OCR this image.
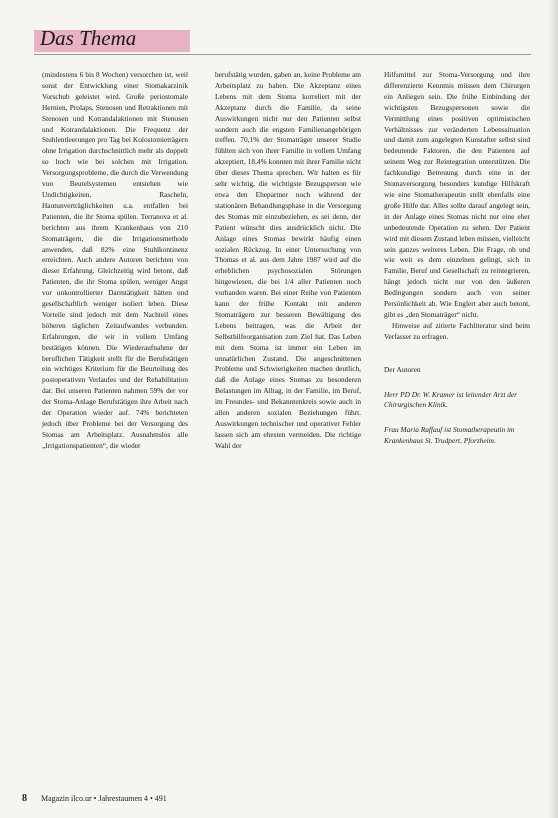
Das Thema

(mindestens 6 bis 8 Wochen) versorchen ist, weil sonst der Entwicklung einer Stomakarzinik Vorschub geleistet wird. Große periostomale Hernien, Prolaps, Stenosen und Retraktionen mit Stenosen und Kotrandalaktionen mit Stenosen und Kotrandalaktionen. Die Frequenz der Stuhlentleerungen pro Tag bei Kolostomieträgern ohne Irrigation durchschnittlich mehr als doppelt so hoch wie bei solchen mit Irrigation. Versorgungsprobleme, die durch die Verwendung von Beutelsystemen entstehen wie Undichtigkeiten, Rascheln, Hautunverträglichkeiten u.a. entfallen bei Patienten, die ihr Stoma spülen. Terranova et al. berichten aus ihrem Krankenhaus von 210 Stomaträgern, die die Irrigationsmethode anwenden, daß 82% eine Stuhlkontinenz erreichten. Auch andere Autoren berichten von dieser Erfahrung. Gleichzeitig wird betont, daß Patienten, die ihr Stoma spülen, weniger Angst vor unkontrollierter Darmtätigkeit hätten und gesellschaftlich weniger isoliert leben. Diese Vorteile sind jedoch mit dem Nachteil eines höheren täglichen Zeitaufwandes verbunden. Erfahrungen, die wir in vollem Umfang bestätigen können. Die Wiederaufnahme der beruflichen Tätigkeit stellt für die Berufstätigen ein wichtiges Kriterium für die Beurteilung des postoperativen Verlaufes und der Rehabilitation dar. Bei unseren Patienten nahmen 59% der vor der Stoma-Anlage Berufstätigen ihre Arbeit nach der Operation wieder auf. 74% berichteten jedoch über Probleme bei der Versorgung des Stomas am Arbeitsplatz. Ausnahmslos alle „Irrigationspatienten“, die wieder

berufstätig wurden, gaben an, keine Probleme am Arbeitsplatz zu haben. Die Akzeptanz eines Lebens mit dem Stoma korreliert mit der Akzeptanz durch die Familie, da seine Auswirkungen nicht nur den Patienten selbst sondern auch die engsten Familienangehörigen treffen. 70,1% der Stomaträger unserer Studie fühlten sich von ihrer Familie in vollem Umfang akzeptiert, 18,4% konnten mit ihrer Familie nicht über dieses Thema sprechen. Wir halten es für sehr wichtig, die wichtigste Bezugsperson wie etwa den Ehepartner noch während der stationären Behandlungsphase in die Versorgung des Stomas mit einzubeziehen, es sei denn, der Patient wünscht dies ausdrücklich nicht. Die Anlage eines Stomas bewirkt häufig einen sozialen Rückzug. In einer Untersuchung von Thomas et al. aus dem Jahre 1987 wird auf die erheblichen psychosozialen Störungen hingewiesen, die bei 1/4 aller Patienten noch vorhanden waren. Bei einer Reihe von Patienten kann der frühe Kontakt mit anderen Stomaträgern zur besseren Bewältigung des Lebens beitragen, was die Arbeit der Selbsthilfeorganisation zum Ziel hat. Das Leben mit dem Stoma ist immer ein Leben im unnatürlichen Zustand. Die angeschnittenen Probleme und Schwierigkeiten machen deutlich, daß die Anlage eines Stomas zu besonderen Belastungen im Alltag, in der Familie, im Beruf, im Freundes- und Bekanntenkreis sowie auch in allen anderen sozialen Beziehungen führt. Auswirkungen technischer und operativer Fehler lassen sich am ehesten vermeiden. Die richtige Wahl der

Hilfsmittel zur Stoma-Versorgung und ihre differenzierte Kenntnis müssen dem Chirurgen ein Anliegen sein. Die frühe Einbindung der wichtigsten Bezugspersonen sowie die Vermittlung eines positiven optimistischen Verhältnisses zur veränderten Lebenssituation und damit zum angelegten Kunstafter selbst sind bedeutende Faktoren, die den Patienten auf seinem Weg zur Reintegration unterstützen. Die fachkundige Betreuung durch eine in der Stomaversorgung besonders kundige Hilfskraft wie eine Stomatherapeutin stellt ebenfalls eine große Hilfe dar. Alles sollte darauf angelegt sein, in der Anlage eines Stomas nicht nur eine eher unbedeutende Operation zu sehen. Der Patient wird mit diesem Zustand leben müssen, vielleicht sein ganzes weiteres Leben. Die Frage, ob und wie weit es dem einzelnen gelingt, sich in Familie, Beruf und Gesellschaft zu reintegrieren, hängt jedoch nicht nur von den äußeren Bedingungen sondern auch von seiner Persönlichkeit ab. Wie Englert aber auch betont, gibt es „den Stomaträger“ nicht.

Hinweise auf zitierte Fachliteratur sind beim Verfasser zu erfragen.

Der Autoren

Herr PD Dr. W. Kramer ist leitender Arzt der Chirurgischen Klinik.

Frau Maria Raffauf ist Stomatherapeutin im Krankenhaus St. Trudpert, Pforzheim.

8 Magazin ilco.ur • Jahrestaumen 4 • 491
